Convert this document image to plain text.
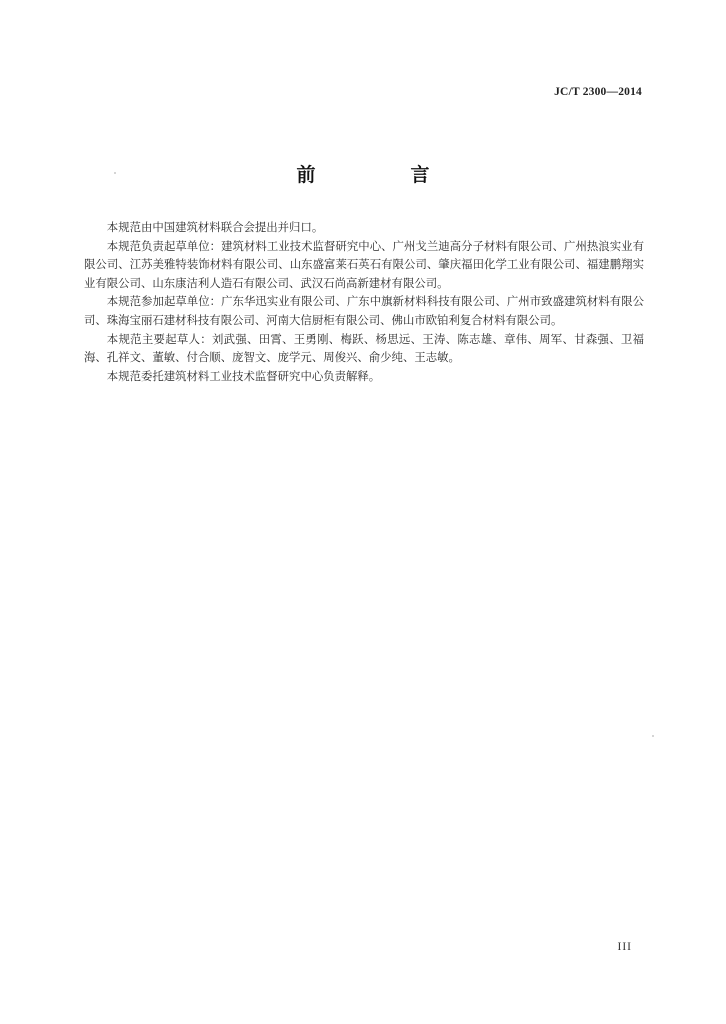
JC/T 2300—2014
前　言

本规范由中国建筑材料联合会提出并归口。

本规范负责起草单位：建筑材料工业技术监督研究中心、广州戈兰迪高分子材料有限公司、广州热浪实业有限公司、江苏美雅特装饰材料有限公司、山东盛富莱石英石有限公司、肇庆福田化学工业有限公司、福建鹏翔实业有限公司、山东康洁利人造石有限公司、武汉石尚高新建材有限公司。

本规范参加起草单位：广东华迅实业有限公司、广东中旗新材料科技有限公司、广州市致盛建筑材料有限公司、珠海宝丽石建材科技有限公司、河南大信厨柜有限公司、佛山市欧铂利复合材料有限公司。

本规范主要起草人：刘武强、田霄、王勇刚、梅跃、杨思远、王涛、陈志雄、章伟、周军、甘森强、卫福海、孔祥文、董敏、付合顺、庞智文、庞学元、周俊兴、俞少纯、王志敏。

本规范委托建筑材料工业技术监督研究中心负责解释。

III
